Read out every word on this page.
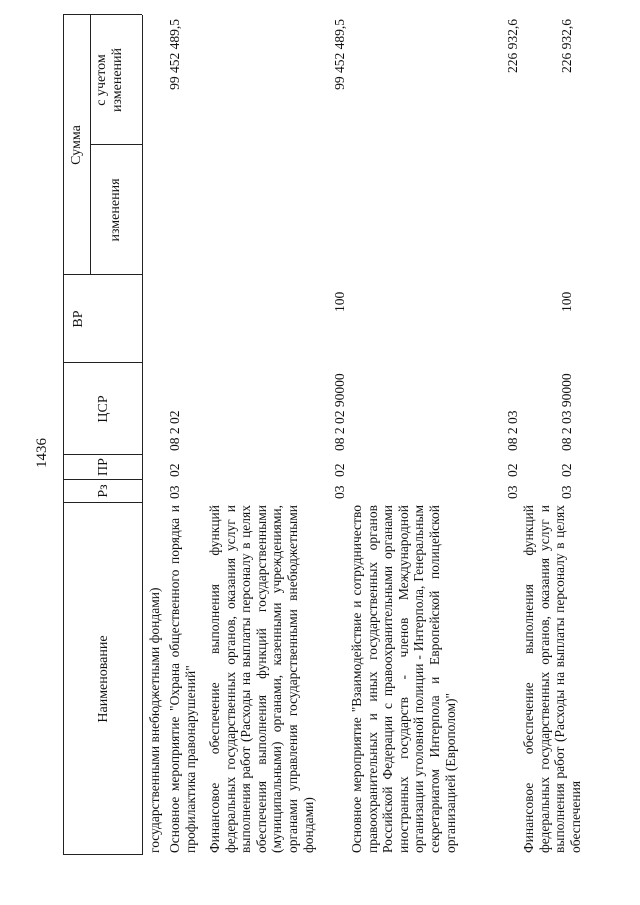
1436
Наименование
Рз
ПР
ЦСР
ВР
Сумма
изменения
с учетом изменений
государственными внебюджетными фондами) Основное мероприятие "Охрана общественного порядка и профилактика правонарушений"
03
02
08 2 02
99 452 489,5
Финансовое обеспечение выполнения функций федеральных государственных органов, оказания услуг и выполнения работ (Расходы на выплаты персоналу в целях обеспечения выполнения функций государственными (муниципальными) органами, казенными учреждениями, органами управления государственными внебюджетными фондами)
03
02
08 2 02 90000
100
99 452 489,5
Основное мероприятие "Взаимодействие и сотрудничество правоохранительных и иных государственных органов Российской Федерации с правоохранительными органами иностранных государств - членов Международной организации уголовной полиции - Интерпола, Генеральным секретариатом Интерпола и Европейской полицейской организацией (Европолом)"
03
02
08 2 03
226 932,6
Финансовое обеспечение выполнения функций федеральных государственных органов, оказания услуг и выполнения работ (Расходы на выплаты персоналу в целях обеспечения
03
02
08 2 03 90000
100
226 932,6
